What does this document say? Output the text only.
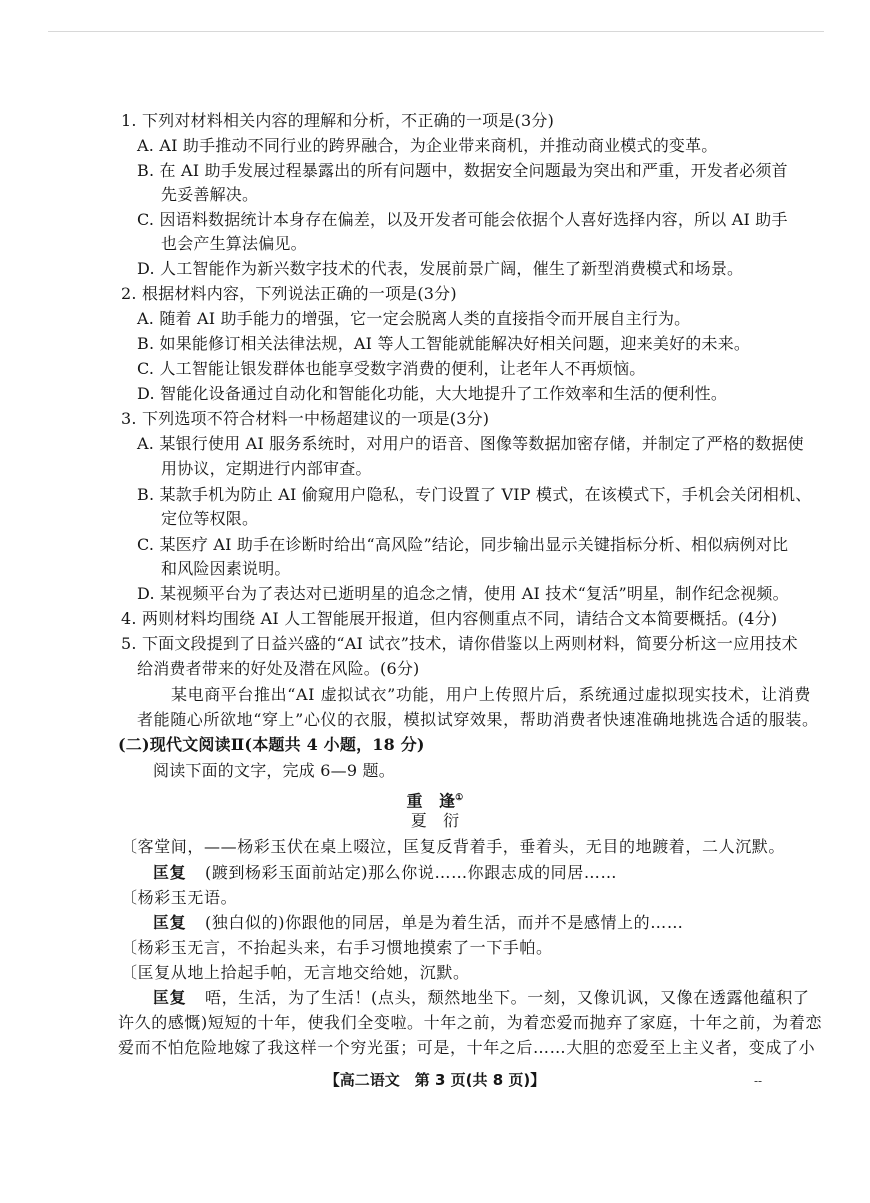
1. 下列对材料相关内容的理解和分析，不正确的一项是(3分)
A. AI 助手推动不同行业的跨界融合，为企业带来商机，并推动商业模式的变革。
B. 在 AI 助手发展过程暴露出的所有问题中，数据安全问题最为突出和严重，开发者必须首
先妥善解决。
C. 因语料数据统计本身存在偏差，以及开发者可能会依据个人喜好选择内容，所以 AI 助手
也会产生算法偏见。
D. 人工智能作为新兴数字技术的代表，发展前景广阔，催生了新型消费模式和场景。
2. 根据材料内容，下列说法正确的一项是(3分)
A. 随着 AI 助手能力的增强，它一定会脱离人类的直接指令而开展自主行为。
B. 如果能修订相关法律法规，AI 等人工智能就能解决好相关问题，迎来美好的未来。
C. 人工智能让银发群体也能享受数字消费的便利，让老年人不再烦恼。
D. 智能化设备通过自动化和智能化功能，大大地提升了工作效率和生活的便利性。
3. 下列选项不符合材料一中杨超建议的一项是(3分)
A. 某银行使用 AI 服务系统时，对用户的语音、图像等数据加密存储，并制定了严格的数据使
用协议，定期进行内部审查。
B. 某款手机为防止 AI 偷窥用户隐私，专门设置了 VIP 模式，在该模式下，手机会关闭相机、
定位等权限。
C. 某医疗 AI 助手在诊断时给出“高风险”结论，同步输出显示关键指标分析、相似病例对比
和风险因素说明。
D. 某视频平台为了表达对已逝明星的追念之情，使用 AI 技术“复活”明星，制作纪念视频。
4. 两则材料均围绕 AI 人工智能展开报道，但内容侧重点不同，请结合文本简要概括。(4分)
5. 下面文段提到了日益兴盛的“AI 试衣”技术，请你借鉴以上两则材料，简要分析这一应用技术
给消费者带来的好处及潜在风险。(6分)
某电商平台推出“AI 虚拟试衣”功能，用户上传照片后，系统通过虚拟现实技术，让消费
者能随心所欲地“穿上”心仪的衣服，模拟试穿效果，帮助消费者快速准确地挑选合适的服装。
(二)现代文阅读Ⅱ(本题共 4 小题，18 分)
阅读下面的文字，完成 6—9 题。
重　逢①
夏　衍
〔客堂间，——杨彩玉伏在桌上啜泣，匡复反背着手，垂着头，无目的地踱着，二人沉默。
匡复 (踱到杨彩玉面前站定)那么你说……你跟志成的同居……
〔杨彩玉无语。
匡复 (独白似的)你跟他的同居，单是为着生活，而并不是感情上的……
〔杨彩玉无言，不抬起头来，右手习惯地摸索了一下手帕。
〔匡复从地上拾起手帕，无言地交给她，沉默。
匡复 唔，生活，为了生活！(点头，颓然地坐下。一刻，又像讥讽，又像在透露他蕴积了
许久的感慨)短短的十年，使我们全变啦。十年之前，为着恋爱而抛弃了家庭，十年之前，为着恋
爱而不怕危险地嫁了我这样一个穷光蛋；可是，十年之后……大胆的恋爱至上主义者，变成了小
【高二语文　第 3 页(共 8 页)】	--
